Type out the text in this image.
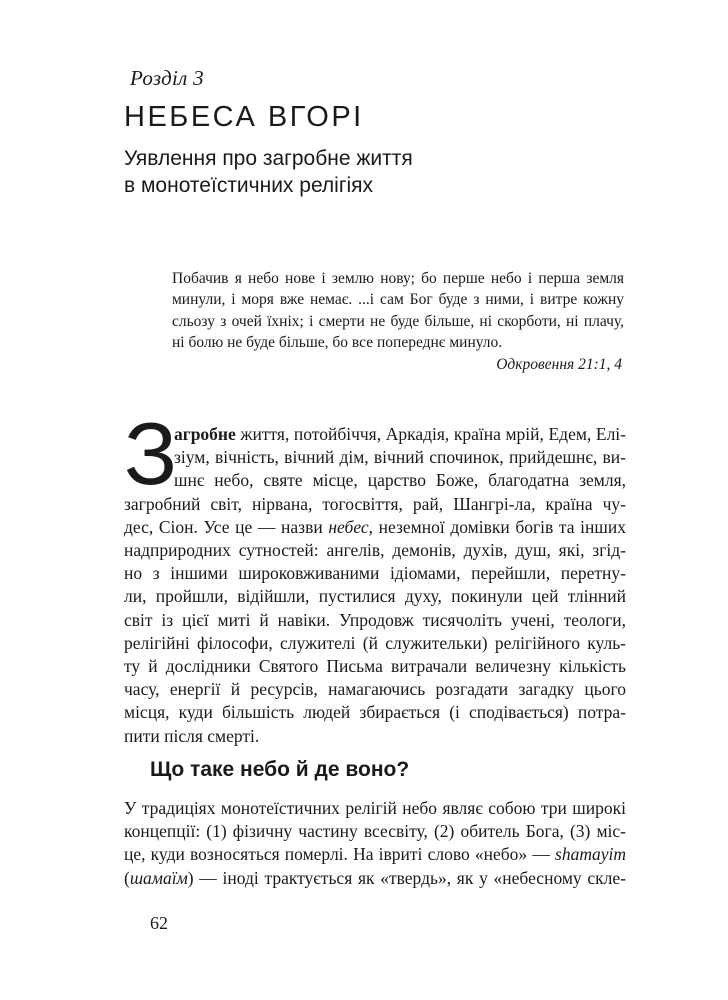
Розділ 3
НЕБЕСА ВГОРІ
Уявлення про загробне життя
в монотеїстичних релігіях
Побачив я небо нове і землю нову; бо перше небо і перша земля
минули, і моря вже немає. ...і сам Бог буде з ними, і витре кожну
сльозу з очей їхніх; і смерти не буде більше, ні скорботи, ні плачу,
ні болю не буде більше, бо все попереднє минуло.
Одкровення 21:1, 4
З
агробне життя, потойбіччя, Аркадія, країна мрій, Едем, Елі-
зіум, вічність, вічний дім, вічний спочинок, прийдешнє, ви-
шнє небо, святе місце, царство Боже, благодатна земля,
загробний світ, нірвана, тогосвіття, рай, Шангрі-ла, країна чу-
дес, Сіон. Усе це — назви небес, неземної домівки богів та інших
надприродних сутностей: ангелів, демонів, духів, душ, які, згід-
но з іншими широковживаними ідіомами, перейшли, перетну-
ли, пройшли, відійшли, пустилися духу, покинули цей тлінний
світ із цієї миті й навіки. Упродовж тисячоліть учені, теологи,
релігійні філософи, служителі (й служительки) релігійного куль-
ту й дослідники Святого Письма витрачали величезну кількість
часу, енергії й ресурсів, намагаючись розгадати загадку цього
місця, куди більшість людей збирається (і сподівається) потра-
пити після смерті.
Що таке небо й де воно?
У традиціях монотеїстичних релігій небо являє собою три широкі
концепції: (1) фізичну частину всесвіту, (2) обитель Бога, (3) міс-
це, куди возносяться померлі. На івриті слово «небо» — shamayim
(шамаїм) — іноді трактується як «твердь», як у «небесному скле-
62
